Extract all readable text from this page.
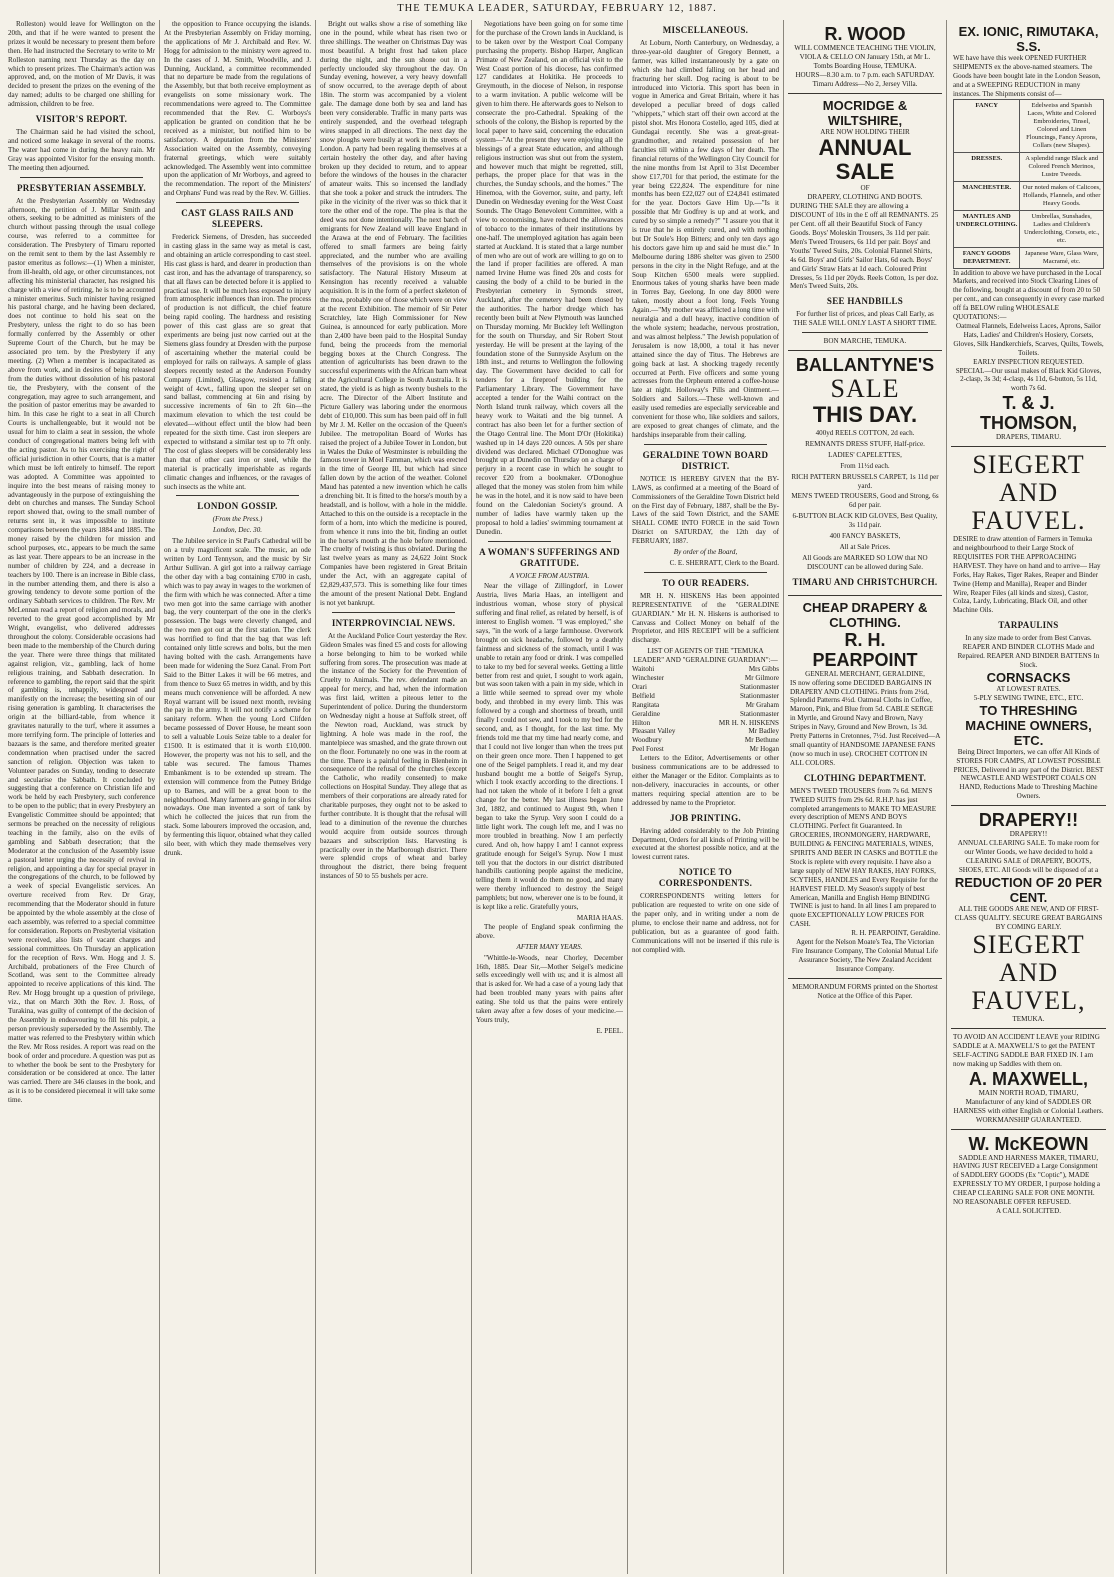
THE TEMUKA LEADER, SATURDAY, FEBRUARY 12, 1887.

Rolleston) would leave for Wellington on the 20th, and that if he were wanted to present the prizes it would be necessary to present them before then. He had instructed the Secretary to write to Mr Rolleston naming next Thursday as the day on which to present prizes. The Chairman's action was approved, and, on the motion of Mr Davis, it was decided to present the prizes on the evening of the day named; adults to be charged one shilling for admission, children to be free.

VISITOR'S REPORT.

The Chairman said he had visited the school, and noticed some leakage in several of the rooms. The water had come in during the heavy rain. Mr Gray was appointed Visitor for the ensuing month. The meeting then adjourned.

PRESBYTERIAN ASSEMBLY.

At the Presbyterian Assembly on Wednesday afternoon, the petition of J. Millar Smith and others, seeking to be admitted as ministers of the church without passing through the usual college course, was referred to a committee for consideration. The Presbytery of Timaru reported on the remit sent to them by the last Assembly re pastor emeritus as follows:—(1) When a minister, from ill-health, old age, or other circumstances, not affecting his ministerial character, has resigned his charge with a view of retiring, he is to be accounted a minister emeritus. Such minister having resigned his pastoral charge, and he having been declared, does not continue to hold his seat on the Presbytery, unless the right to do so has been formally conferred by the Assembly or other Supreme Court of the Church, but he may be associated pro tem. by the Presbytery if any meeting. (2) When a member is incapacitated as above from work, and in desires of being released from the duties without dissolution of his pastoral tie, the Presbytery, with the consent of the congregation, may agree to such arrangement, and the position of pastor emeritus may be awarded to him. In this case he right to a seat in all Church Courts is unchallengeable, but it would not be usual for him to claim a seat in session, the whole conduct of congregational matters being left with the acting pastor. As to his exercising the right of official jurisdiction in other Courts, that is a matter which must be left entirely to himself. The report was adopted. A Committee was appointed to inquire into the best means of raising money to advantageously in the purpose of extinguishing the debt on churches and manses. The Sunday School report showed that, owing to the small number of returns sent in, it was impossible to institute comparisons between the years 1884 and 1885. The money raised by the children for mission and school purposes, etc., appears to be much the same as last year. There appears to be an increase in the number of children by 224, and a decrease in teachers by 100. There is an increase in Bible class, in the number attending them, and there is also a growing tendency to devote some portion of the ordinary Sabbath services to children. The Rev. Mr McLennan read a report of religion and morals, and reverted to the great good accomplished by Mr Wright, evangelist, who delivered addresses throughout the colony. Considerable occasions had been made to the membership of the Church during the year. There were three things that militated against religion, viz., gambling, lack of home religious training, and Sabbath desecration. In reference to gambling, the report said that the spirit of gambling is, unhappily, widespread and manifestly on the increase; the besetting sin of our rising generation is gambling. It characterises the origin at the billiard-table, from whence it gravitates naturally to the turf, where it assumes a more terrifying form. The principle of lotteries and bazaars is the same, and therefore merited greater condemnation when practised under the sacred sanction of religion. Objection was taken to Volunteer parades on Sunday, tending to desecrate and secularise the Sabbath. It concluded by suggesting that a conference on Christian life and work be held by each Presbytery, such conference to be open to the public; that in every Presbytery an Evangelistic Committee should be appointed; that sermons be preached on the necessity of religious teaching in the family, also on the evils of gambling and Sabbath desecration; that the Moderator at the conclusion of the Assembly issue a pastoral letter urging the necessity of revival in religion, and appointing a day for special prayer in the congregations of the church, to be followed by a week of special Evangelistic services. An overture received from Rev. Dr Gray, recommending that the Moderator should in future be appointed by the whole assembly at the close of each assembly, was referred to a special committee for consideration. Reports on Presbyterial visitation were received, also lists of vacant charges and sessional committees. On Thursday an application for the reception of Revs. Wm. Hogg and J. S. Archibald, probationers of the Free Church of Scotland, was sent to the Committee already appointed to receive applications of this kind. The Rev. Mr Hogg brought up a question of privilege, viz., that on March 30th the Rev. J. Ross, of Turakina, was guilty of contempt of the decision of the Assembly in endeavouring to fill his pulpit, a person previously superseded by the Assembly. The matter was referred to the Presbytery within which the Rev. Mr Ross resides. A report was read on the book of order and procedure. A question was put as to whether the book be sent to the Presbytery for consideration or be considered at once. The latter was carried. There are 346 clauses in the book, and as it is to be considered piecemeal it will take some time.

the opposition to France occupying the islands. At the Presbyterian Assembly on Friday morning, the applications of Mr J. Archibald and Rev. W. Hogg for admission to the ministry were agreed to. In the cases of J. M. Smith, Woodville, and J. Dunning, Auckland, a committee recommended that no departure be made from the regulations of the Assembly, but that both receive employment as evangelists on some missionary work. The recommendations were agreed to. The Committee recommended that the Rev. C. Worboys's application be granted on condition that he be received as a minister, but notified him to be satisfactory. A deputation from the Ministers' Association waited on the Assembly, conveying fraternal greetings, which were suitably acknowledged. The Assembly went into committee upon the application of Mr Worboys, and agreed to the recommendation. The report of the Ministers' and Orphans' Fund was read by the Rev. W. Gillies.

CAST GLASS RAILS AND SLEEPERS.

Frederick Siemens, of Dresden, has succeeded in casting glass in the same way as metal is cast, and obtaining an article corresponding to cast steel. His cast glass is hard, and dearer in production than cast iron, and has the advantage of transparency, so that all flaws can be detected before it is applied to practical use. It will be much less exposed to injury from atmospheric influences than iron. The process of production is not difficult, the chief feature being rapid cooling. The hardness and resisting power of this cast glass are so great that experiments are being just now carried out at the Siemens glass foundry at Dresden with the purpose of ascertaining whether the material could be employed for rails on railways. A sample of glass sleepers recently tested at the Anderson Foundry Company (Limited), Glasgow, resisted a falling weight of 4cwt., falling upon the sleeper set on sand ballast, commencing at 6in and rising by successive increments of 6in to 2ft 6in—the maximum elevation to which the test could be elevated—without effect until the blow had been repeated for the sixth time. Cast iron sleepers are expected to withstand a similar test up to 7ft only. The cost of glass sleepers will be considerably less than that of other cast iron or steel, while the material is practically imperishable as regards climatic changes and influences, or the ravages of such insects as the white ant.

LONDON GOSSIP.
(From the Press.)
London, Dec. 30.

The Jubilee service in St Paul's Cathedral will be on a truly magnificent scale. The music, an ode written by Lord Tennyson, and the music by Sir Arthur Sullivan. A girl got into a railway carriage the other day with a bag containing £700 in cash, which was to pay away in wages to the workmen of the firm with which he was connected. After a time two men got into the same carriage with another bag, the very counterpart of the one in the clerk's possession. The bags were cleverly changed, and the two men got out at the first station. The clerk was horrified to find that the bag that was left contained only little screws and bolts, but the men having bolted with the cash. Arrangements have been made for widening the Suez Canal. From Port Said to the Bitter Lakes it will be 66 metres, and from thence to Suez 65 metres in width, and by this means much convenience will be afforded. A new Royal warrant will be issued next month, revising the pay in the army. It will not notify a scheme for sanitary reform. When the young Lord Clifden became possessed of Dover House, he meant soon to sell a valuable Louis Seize table to a dealer for £1500. It is estimated that it is worth £10,000. However, the property was not his to sell, and the table was secured. The famous Thames Embankment is to be extended up stream. The extension will commence from the Putney Bridge up to Barnes, and will be a great boon to the neighbourhood. Many farmers are going in for silos nowadays. One man invented a sort of tank by which he collected the juices that run from the stack. Some labourers improved the occasion, and, by fermenting this liquor, obtained what they called silo beer, with which they made themselves very drunk.

Bright out walks show a rise of something like one in the pound, while wheat has risen two or three shillings. The weather on Christmas Day was most beautiful. A bright frost had taken place during the night, and the sun shone out in a perfectly unclouded sky throughout the day. On Sunday evening, however, a very heavy downfall of snow occurred, to the average depth of about 18in. The storm was accompanied by a violent gale. The damage done both by sea and land has been very considerable. Traffic in many parts was entirely suspended, and the overhead telegraph wires snapped in all directions. The next day the snow ploughs were busily at work in the streets of London. A party had been regaling themselves at a certain hostelry the other day, and after having broken up they decided to return, and to appear before the windows of the houses in the character of amateur waits. This so incensed the landlady that she took a poker and struck the intruders. The pike in the vicinity of the river was so thick that it tore the other end of the rope. The plea is that the deed was not done intentionally. The next batch of emigrants for New Zealand will leave England in the Arawa at the end of February. The facilities offered to small farmers are being fairly appreciated, and the number who are availing themselves of the provisions is on the whole satisfactory. The Natural History Museum at Kensington has recently received a valuable acquisition. It is in the form of a perfect skeleton of the moa, probably one of those which were on view at the recent Exhibition. The memoir of Sir Peter Scratchley, late High Commissioner for New Guinea, is announced for early publication. More than 2,400 have been paid to the Hospital Sunday fund, being the proceeds from the memorial begging boxes at the Church Congress. The attention of agriculturists has been drawn to the successful experiments with the African barn wheat at the Agricultural College in South Australia. It is stated, the yield is as high as twenty bushels to the acre. The Director of the Albert Institute and Picture Gallery was laboring under the enormous debt of £10,000. This sum has been paid off in full by Mr J. M. Keller on the occasion of the Queen's Jubilee. The metropolitan Board of Works has raised the project of a Jubilee Tower in London, but in Wales the Duke of Westminster is rebuilding the famous tower in Moel Famman, which was erected in the time of George III, but which had since fallen down by the action of the weather. Colonel Maud has patented a new invention which he calls a drenching bit. It is fitted to the horse's mouth by a headstall, and is hollow, with a hole in the middle. Attached to this on the outside is a receptacle in the form of a horn, into which the medicine is poured, from whence it runs into the bit, finding an outlet in the horse's mouth at the hole before mentioned. The cruelty of twisting is thus obviated. During the last twelve years as many as 24,622 Joint Stock Companies have been registered in Great Britain under the Act, with an aggregate capital of £2,829,437,573. This is something like four times the amount of the present National Debt. England is not yet bankrupt.

INTERPROVINCIAL NEWS.

At the Auckland Police Court yesterday the Rev. Gideon Smales was fined £5 and costs for allowing a horse belonging to him to be worked while suffering from sores. The prosecution was made at the instance of the Society for the Prevention of Cruelty to Animals. The rev. defendant made an appeal for mercy, and had, when the information was first laid, written a piteous letter to the Superintendent of police. During the thunderstorm on Wednesday night a house at Suffolk street, off the Newton road, Auckland, was struck by lightning. A hole was made in the roof, the mantelpiece was smashed, and the grate thrown out on the floor. Fortunately no one was in the room at the time. There is a painful feeling in Blenheim in consequence of the refusal of the churches (except the Catholic, who readily consented) to make collections on Hospital Sunday. They allege that as members of their corporations are already rated for charitable purposes, they ought not to be asked to further contribute. It is thought that the refusal will lead to a diminution of the revenue the churches would acquire from outside sources through bazaars and subscription lists. Harvesting is practically over in the Marlborough district. There were splendid crops of wheat and barley throughout the district, there being frequent instances of 50 to 55 bushels per acre.

Negotiations have been going on for some time for the purchase of the Crown lands in Auckland, is to be taken over by the Westport Coal Company purchasing the property. Bishop Harper, Anglican Primate of New Zealand, on an official visit to the West Coast portion of his diocese, has confirmed 127 candidates at Hokitika. He proceeds to Greymouth, in the diocese of Nelson, in response to a warm invitation. A public welcome will be given to him there. He afterwards goes to Nelson to consecrate the pro-Cathedral. Speaking of the schools of the colony, the Bishop is reported by the local paper to have said, concerning the education system—"At the present they were enjoying all the blessings of a great State education, and although religious instruction was shut out from the system, and however much that might be regretted, still, perhaps, the proper place for that was in the churches, the Sunday schools, and the homes." The Hinemoa, with the Governor, suite, and party, left Dunedin on Wednesday evening for the West Coast Sounds. The Otago Benevolent Committee, with a view to economising, have reduced the allowances of tobacco to the inmates of their institutions by one-half. The unemployed agitation has again been started at Auckland. It is stated that a large number of men who are out of work are willing to go on to the land if proper facilities are offered. A man named Irvine Hume was fined 20s and costs for causing the body of a child to be buried in the Presbyterian cemetery in Symonds street, Auckland, after the cemetery had been closed by the authorities. The harbor dredge which has recently been built at New Plymouth was launched on Thursday morning. Mr Buckley left Wellington for the south on Thursday, and Sir Robert Stout yesterday. He will be present at the laying of the foundation stone of the Sunnyside Asylum on the 18th inst., and returns to Wellington the following day. The Government have decided to call for tenders for a fireproof building for the Parliamentary Library. The Government have accepted a tender for the Waihi contract on the North Island trunk railway, which covers all the heavy work to Waitati and the big tunnel. A contract has also been let for a further section of the Otago Central line. The Mont D'Or (Hokitika) washed up in 14 days 220 ounces. A 50s per share dividend was declared. Michael O'Donoghue was brought up at Dunedin on Thursday on a charge of perjury in a recent case in which he sought to recover £20 from a bookmaker. O'Donoghue alleged that the money was stolen from him while he was in the hotel, and it is now said to have been found on the Caledonian Society's ground. A number of ladies have warmly taken up the proposal to hold a ladies' swimming tournament at Dunedin.

A WOMAN'S SUFFERINGS AND GRATITUDE.
A VOICE FROM AUSTRIA.

Near the village of Zillingdorf, in Lower Austria, lives Maria Haas, an intelligent and industrious woman, whose story of physical suffering and final relief, as related by herself, is of interest to English women. "I was employed," she says, "in the work of a large farmhouse. Overwork brought on sick headache, followed by a deathly faintness and sickness of the stomach, until I was unable to retain any food or drink. I was compelled to take to my bed for several weeks. Getting a little better from rest and quiet, I sought to work again, but was soon taken with a pain in my side, which in a little while seemed to spread over my whole body, and throbbed in my every limb. This was followed by a cough and shortness of breath, until finally I could not sew, and I took to my bed for the second, and, as I thought, for the last time. My friends told me that my time had nearly come, and that I could not live longer than when the trees put on their green once more. Then I happened to get one of the Seigel pamphlets. I read it, and my dear husband bought me a bottle of Seigel's Syrup, which I took exactly according to the directions. I had not taken the whole of it before I felt a great change for the better. My last illness began June 3rd, 1882, and continued to August 9th, when I began to take the Syrup. Very soon I could do a little light work. The cough left me, and I was no more troubled in breathing. Now I am perfectly cured. And oh, how happy I am! I cannot express gratitude enough for Seigel's Syrup. Now I must tell you that the doctors in our district distributed handbills cautioning people against the medicine, telling them it would do them no good, and many were thereby influenced to destroy the Seigel pamphlets; but now, wherever one is to be found, it is kept like a relic. Gratefully yours,

MARIA HAAS.

The people of England speak confirming the above.

AFTER MANY YEARS.

"Whittle-le-Woods, near Chorley, December 16th, 1885. Dear Sir,—Mother Seigel's medicine sells exceedingly well with us; and it is almost all that is asked for. We had a case of a young lady that had been troubled many years with pains after eating. She told us that the pains were entirely taken away after a few doses of your medicine.—Yours truly,

E. PEEL.
MISCELLANEOUS.

At Loburn, North Canterbury, on Wednesday, a three-year-old daughter of Gregory Bennett, a farmer, was killed instantaneously by a gate on which she had climbed falling on her head and fracturing her skull. Dog racing is about to be introduced into Victoria. This sport has been in vogue in America and Great Britain, where it has developed a peculiar breed of dogs called "whippets," which start off their own accord at the pistol shot. Mrs Honora Costello, aged 105, died at Gundagai recently. She was a great-great-grandmother, and retained possession of her faculties till within a few days of her death. The financial returns of the Wellington City Council for the nine months from 1st April to 31st December show £17,701 for that period, the estimate for the year being £22,824. The expenditure for nine months has been £22,027 out of £24,841 estimated for the year. Doctors Gave Him Up.—"Is it possible that Mr Godfrey is up and at work, and cured by so simple a remedy?" "I assure you that it is true that he is entirely cured, and with nothing but Dr Soule's Hop Bitters; and only ten days ago his doctors gave him up and said he must die." In Melbourne during 1886 shelter was given to 2500 persons in the city in the Night Refuge, and at the Soup Kitchen 6500 meals were supplied. Enormous takes of young sharks have been made in Torres Bay, Geelong. In one day 8000 were taken, mostly about a foot long. Feels Young Again.—"My mother was afflicted a long time with neuralgia and a dull heavy, inactive condition of the whole system; headache, nervous prostration, and was almost helpless." The Jewish population of Jerusalem is now 18,000, a total it has never attained since the day of Titus. The Hebrews are going back at last. A shocking tragedy recently occurred at Perth. Five officers and some young actresses from the Orpheum entered a coffee-house late at night. Holloway's Pills and Ointment.—Soldiers and Sailors.—These well-known and easily used remedies are especially serviceable and convenient for those who, like soldiers and sailors, are exposed to great changes of climate, and the hardships inseparable from their calling.

GERALDINE TOWN BOARD DISTRICT.

NOTICE IS HEREBY GIVEN that the BY-LAWS, as confirmed at a meeting of the Board of Commissioners of the Geraldine Town District held on the First day of February, 1887, shall be the By-Laws of the said Town District, and the SAME SHALL COME INTO FORCE in the said Town District on SATURDAY, the 12th day of FEBRUARY, 1887.

By order of the Board,
C. E. SHERRATT, Clerk to the Board.
TO OUR READERS.

MR H. N. HISKENS Has been appointed REPRESENTATIVE of the "GERALDINE GUARDIAN." Mr H. N. Hiskens is authorised to Canvass and Collect Money on behalf of the Proprietor, and HIS RECEIPT will be a sufficient discharge.

LIST OF AGENTS OF THE "TEMUKA LEADER" AND "GERALDINE GUARDIAN":—
Waitohi	Mrs Gibbs
Winchester	Mr Gilmore
Orari	Stationmaster
Belfield	Stationmaster
Rangitata	Mr Graham
Geraldine	Stationmaster
Hilton	MR H. N. HISKENS
Pleasant Valley	Mr Badley
Woodbury	Mr Bethune
Peel Forest	Mr Hogan

Letters to the Editor, Advertisements or other business communications are to be addressed to either the Manager or the Editor. Complaints as to non-delivery, inaccuracies in accounts, or other matters requiring special attention are to be addressed by name to the Proprietor.

JOB PRINTING.

Having added considerably to the Job Printing Department, Orders for all kinds of Printing will be executed at the shortest possible notice, and at the lowest current rates.

NOTICE TO CORRESPONDENTS.

CORRESPONDENTS writing letters for publication are requested to write on one side of the paper only, and in writing under a nom de plume, to enclose their name and address, not for publication, but as a guarantee of good faith. Communications will not be inserted if this rule is not complied with.

R. WOOD
WILL COMMENCE TEACHING THE VIOLIN, VIOLA & CELLO ON January 15th, at Mr L. Tombs Boarding House, TEMUKA.
HOURS—8.30 a.m. to 7 p.m. each SATURDAY.
Timaru Address—No 2, Jersey Villa.
MOCRIDGE & WILTSHIRE,
ARE NOW HOLDING THEIR
ANNUAL SALE
OF
DRAPERY, CLOTHING AND BOOTS.
DURING THE SALE they are allowing a DISCOUNT of 10s in the £ off all REMNANTS. 25 per Cent. off all their Beautiful Stock of Fancy Goods. Boys' Moleskin Trousers, 3s 11d per pair. Men's Tweed Trousers, 6s 11d per pair. Boys' and Youths' Tweed Suits, 20s. Colonial Flannel Shirts, 4s 6d. Boys' and Girls' Sailor Hats, 6d each. Boys' and Girls' Straw Hats at 1d each. Coloured Print Dresses, 5s 11d per 20yds. Reels Cotton, 1s per doz. Men's Tweed Suits, 20s.
SEE HANDBILLS
For further list of prices, and pleas Call Early, as
THE SALE WILL ONLY LAST A SHORT TIME.
BON MARCHE, TEMUKA.
BALLANTYNE'S
SALE
THIS DAY.
400yd REELS COTTON, 2d each.
REMNANTS DRESS STUFF, Half-price.
LADIES' CAPELETTES,
From 11½d each.
RICH PATTERN BRUSSELS CARPET, 1s 11d per yard.
MEN'S TWEED TROUSERS, Good and Strong, 6s 6d per pair.
6-BUTTON BLACK KID GLOVES, Best Quality, 3s 11d pair.
400 FANCY BASKETS,
All at Sale Prices.
All Goods are MARKED SO LOW that NO DISCOUNT can be allowed during Sale.
TIMARU AND CHRISTCHURCH.
CHEAP DRAPERY & CLOTHING.
R. H. PEARPOINT
GENERAL MERCHANT, GERALDINE,
IS now offering some DECIDED BARGAINS IN DRAPERY AND CLOTHING. Prints from 2½d, Splendid Patterns 4½d. Oatmeal Cloths in Coffee, Maroon, Pink, and Blue from 5d. CABLE SERGE in Myrtle, and Ground Navy and Brown, Navy Stripes in Navy, Ground and New Brown, 1s 3d. Pretty Patterns in Cretonnes, 7½d. Just Received—A small quantity of HANDSOME JAPANESE FANS (now so much in use). CROCHET COTTON IN ALL COLORS.
CLOTHING DEPARTMENT.
MEN'S TWEED TROUSERS from 7s 6d. MEN'S TWEED SUITS from 29s 6d. R.H.P. has just completed arrangements to MAKE TO MEASURE every description of MEN'S AND BOYS CLOTHING. Perfect fit Guaranteed. In GROCERIES, IRONMONGERY, HARDWARE, BUILDING & FENCING MATERIALS, WINES, SPIRITS AND BEER IN CASKS and BOTTLE the Stock is replete with every requisite. I have also a large supply of NEW HAY RAKES, HAY FORKS, SCYTHES, HANDLES and Every Requisite for the HARVEST FIELD. My Season's supply of best American, Manilla and English Hemp BINDING TWINE is just to hand. In all lines I am prepared to quote EXCEPTIONALLY LOW PRICES FOR CASH.
R. H. PEARPOINT, Geraldine.
Agent for the Nelson Moate's Tea, The Victorian Fire Insurance Company, The Colonial Mutual Life Assurance Society, The New Zealand Accident Insurance Company.
MEMORANDUM FORMS printed on the Shortest Notice at the Office of this Paper.
EX. IONIC, RIMUTAKA, S.S.
WE have have this week OPENED FURTHER SHIPMENTS ex the above-named steamers. The Goods have been bought late in the London Season, and at a SWEEPING REDUCTION in many instances. The Shipments consist of—
FANCY	Edelweiss and Spanish Laces, White and Colored Embroideries, Tinsel, Colored and Linen Flouncings, Fancy Aprons, Collars (new Shapes).
DRESSES.	A splendid range Black and Colored French Merinos, Lustre Tweeds.
MANCHESTER.	Our noted makes of Calicoes, Hollands, Flannels, and other Heavy Goods.
MANTLES AND UNDERCLOTHING.	Umbrellas, Sunshades, Ladies and Children's Underclothing, Corsets, etc., etc.
FANCY GOODS DEPARTMENT.	Japanese Ware, Glass Ware, Macramé, etc.
In addition to above we have purchased in the Local Markets, and received into Stock Clearing Lines of the following, bought at a discount of from 20 to 50 per cent., and can consequently in every case marked off fa BELOW ruling WHOLESALE QUOTATIONS:—
Oatmeal Flannels, Edelweiss Laces, Aprons, Sailor Hats, Ladies' and Children's Hosiery, Corsets, Gloves, Silk Handkerchiefs, Scarves, Quilts, Towels, Toilets.
EARLY INSPECTION REQUESTED.
SPECIAL—Our usual makes of Black Kid Gloves, 2-clasp, 3s 3d; 4-clasp, 4s 11d, 6-button, 5s 11d, worth 7s 6d.
T. & J. THOMSON,
DRAPERS, TIMARU.
SIEGERT AND FAUVEL.
DESIRE to draw attention of Farmers in Temuka and neighbourhood to their Large Stock of REQUISITES FOR THE APPROACHING HARVEST. They have on hand and to arrive— Hay Forks, Hay Rakes, Tiger Rakes, Reaper and Binder Twine (Hemp and Manilla), Reaper and Binder Wire, Reaper Files (all kinds and sizes), Castor, Colza, Lardy, Lubricating, Black Oil, and other Machine Oils.
TARPAULINS
In any size made to order from Best Canvas.
REAPER AND BINDER CLOTHS Made and Repaired. REAPER AND BINDER BATTENS In Stock.
CORNSACKS
AT LOWEST RATES.
5-PLY SEWING TWINE, ETC., ETC.
TO THRESHING MACHINE OWNERS, ETC.
Being Direct Importers, we can offer All Kinds of STORES FOR CAMPS, AT LOWEST POSSIBLE PRICES, Delivered in any part of the District. BEST NEWCASTLE AND WESTPORT COALS ON HAND, Reductions Made to Threshing Machine Owners.
DRAPERY!!
DRAPERY!!
ANNUAL CLEARING SALE. To make room for our Winter Goods, we have decided to hold a CLEARING SALE of DRAPERY, BOOTS, SHOES, ETC. All Goods will be disposed of at a
REDUCTION OF 20 PER CENT.
ALL THE GOODS ARE NEW, AND OF FIRST-CLASS QUALITY. SECURE GREAT BARGAINS BY COMING EARLY.
SIEGERT AND FAUVEL,
TEMUKA.
TO AVOID AN ACCIDENT LEAVE your RIDING SADDLE at A. MAXWELL'S to get the PATENT SELF-ACTING SADDLE BAR FIXED IN. I am now making up Saddles with them on.
A. MAXWELL,
MAIN NORTH ROAD, TIMARU,
Manufacturer of any kind of SADDLES OR HARNESS with either English or Colonial Leathers. WORKMANSHIP GUARANTEED.
W. McKEOWN
SADDLE AND HARNESS MAKER, TIMARU,
HAVING JUST RECEIVED a Large Consignment of SADDLERY GOODS (Ex "Coptic"), MADE EXPRESSLY TO MY ORDER, I purpose holding a CHEAP CLEARING SALE FOR ONE MONTH. NO REASONABLE OFFER REFUSED.
A CALL SOLICITED.
